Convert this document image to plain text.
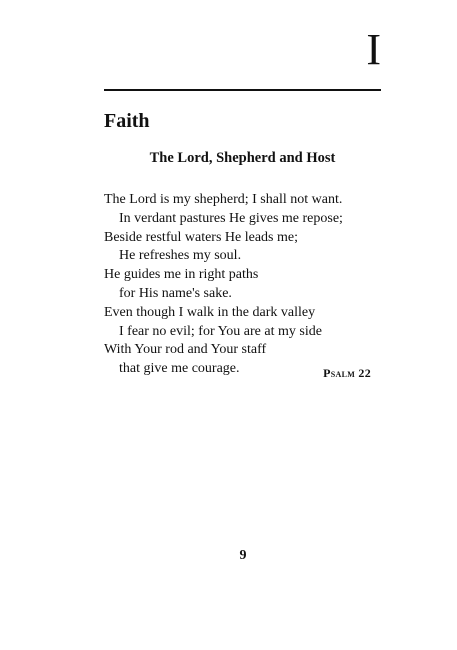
I
Faith
The Lord, Shepherd and Host
The Lord is my shepherd; I shall not want.
In verdant pastures He gives me repose;
Beside restful waters He leads me;
He refreshes my soul.
He guides me in right paths
for His name's sake.
Even though I walk in the dark valley
I fear no evil; for You are at my side
With Your rod and Your staff
that give me courage.	Psalm 22
9
